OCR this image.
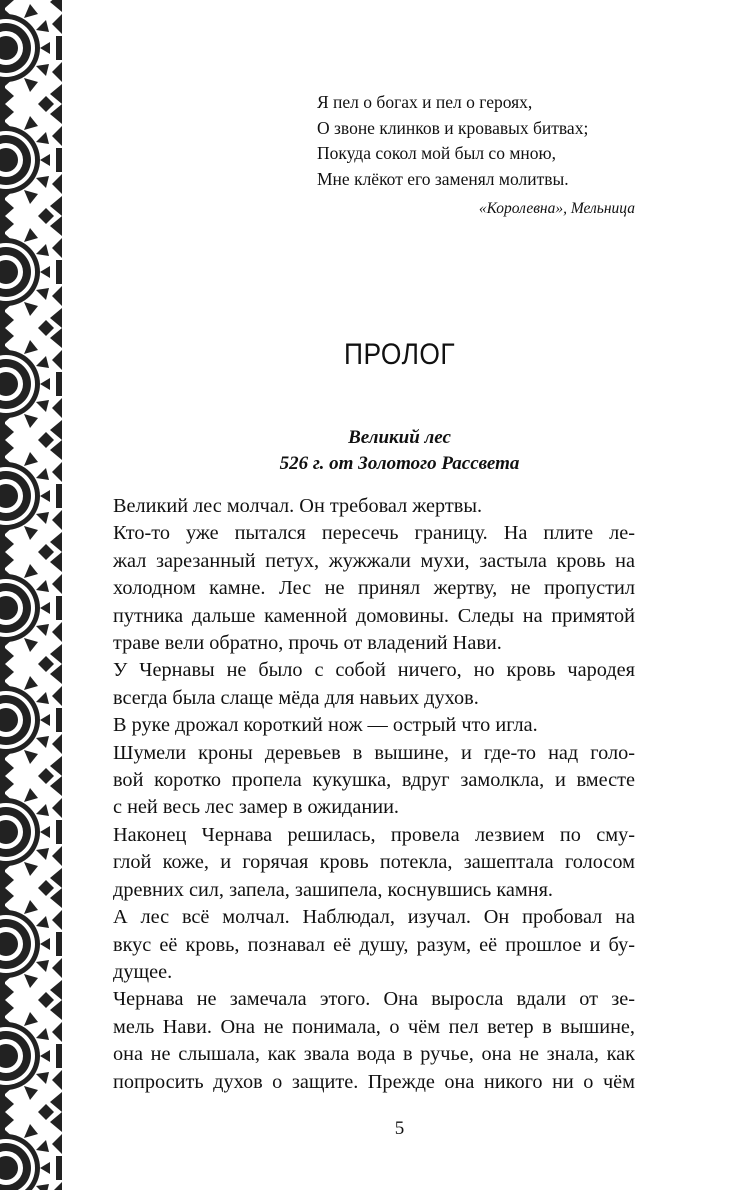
Я пел о богах и пел о героях,
О звоне клинков и кровавых битвах;
Покуда сокол мой был со мною,
Мне клёкот его заменял молитвы.
«Королевна», Мельница
ПРОЛОГ
Великий лес
526 г. от Золотого Рассвета
Великий лес молчал. Он требовал жертвы.
Кто-то уже пытался пересечь границу. На плите ле-
жал зарезанный петух, жужжали мухи, застыла кровь на
холодном камне. Лес не принял жертву, не пропустил
путника дальше каменной домовины. Следы на примятой
траве вели обратно, прочь от владений Нави.
У Чернавы не было с собой ничего, но кровь чародея
всегда была слаще мёда для навьих духов.
В руке дрожал короткий нож — острый что игла.
Шумели кроны деревьев в вышине, и где-то над голо-
вой коротко пропела кукушка, вдруг замолкла, и вместе
с ней весь лес замер в ожидании.
Наконец Чернава решилась, провела лезвием по сму-
глой коже, и горячая кровь потекла, зашептала голосом
древних сил, запела, зашипела, коснувшись камня.
А лес всё молчал. Наблюдал, изучал. Он пробовал на
вкус её кровь, познавал её душу, разум, её прошлое и бу-
дущее.
Чернава не замечала этого. Она выросла вдали от зе-
мель Нави. Она не понимала, о чём пел ветер в вышине,
она не слышала, как звала вода в ручье, она не знала, как
попросить духов о защите. Прежде она никого ни о чём
5
